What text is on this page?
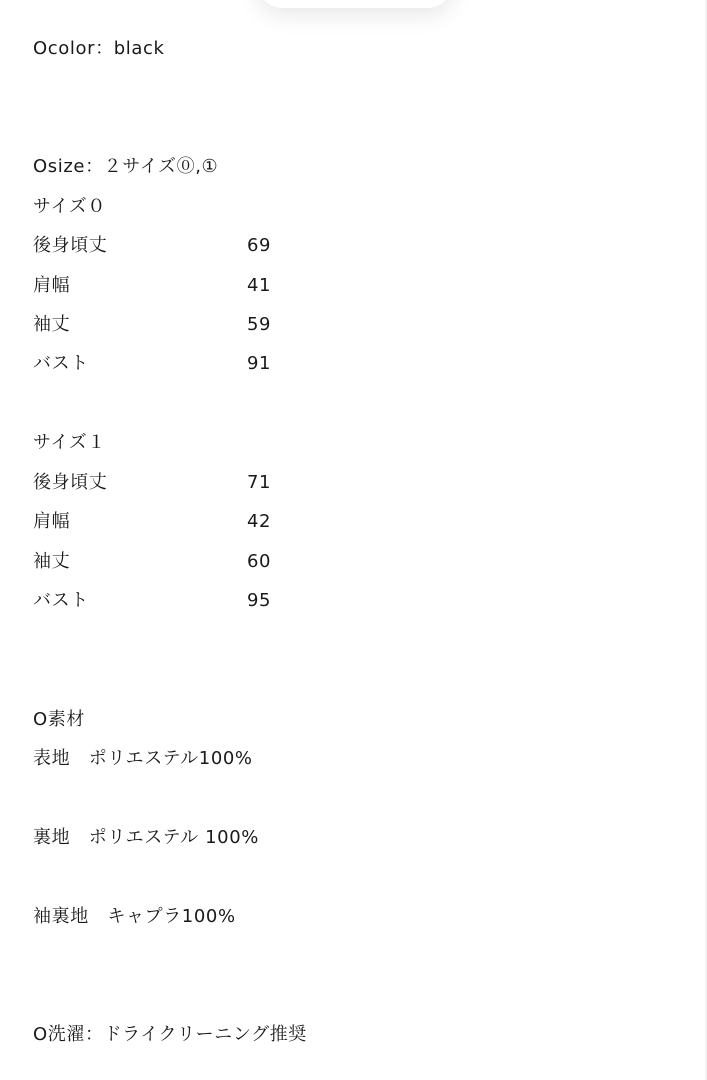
Ocolor：black
Osize：２サイズ⓪,①
サイズ０
後身頃丈	69
肩幅	41
袖丈	59
バスト	91
サイズ１
後身頃丈	71
肩幅	42
袖丈	60
バスト	95
O素材
表地　ポリエステル100%
裏地　ポリエステル 100%
袖裏地　キャプラ100%
O洗濯：ドライクリーニング推奨
